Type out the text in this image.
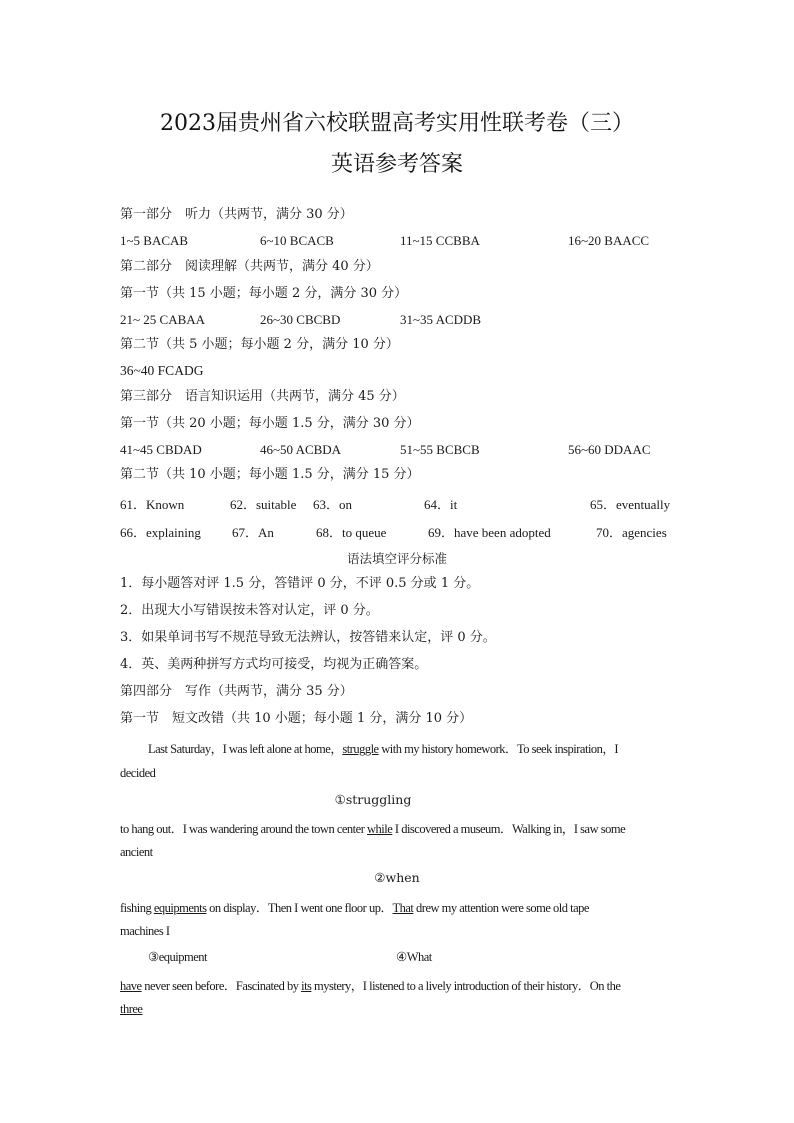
2023届贵州省六校联盟高考实用性联考卷（三）
英语参考答案
第一部分　听力（共两节，满分 30 分）
1~5 BACAB	6~10 BCACB	11~15 CCBBA	16~20 BAACC
第二部分　阅读理解（共两节，满分 40 分）
第一节（共 15 小题；每小题 2 分，满分 30 分）
21~ 25 CABAA	26~30 CBCBD	31~35 ACDDB
第二节（共 5 小题；每小题 2 分，满分 10 分）
36~40 FCADG
第三部分　语言知识运用（共两节，满分 45 分）
第一节（共 20 小题；每小题 1.5 分，满分 30 分）
41~45 CBDAD	46~50 ACBDA	51~55 BCBCB	56~60 DDAAC
第二节（共 10 小题；每小题 1.5 分，满分 15 分）
61．Known	62．suitable 63．on	64．it	65．eventually
66．explaining 67．An	68．to queue	69．have been adopted	70．agencies
语法填空评分标准
1．每小题答对评 1.5 分，答错评 0 分，不评 0.5 分或 1 分。
2．出现大小写错误按未答对认定，评 0 分。
3．如果单词书写不规范导致无法辨认，按答错来认定，评 0 分。
4．英、美两种拼写方式均可接受，均视为正确答案。
第四部分　写作（共两节，满分 35 分）
第一节　短文改错（共 10 小题；每小题 1 分，满分 10 分）
Last Saturday，I was left alone at home，struggle with my history homework．To seek inspiration，I
decided
①struggling
to hang out．I was wandering around the town center while I discovered a museum．Walking in，I saw some
ancient
②when
fishing equipments on display．Then I went one floor up．That drew my attention were some old tape
machines I
③equipment	④What
have never seen before．Fascinated by its mystery，I listened to a lively introduction of their history．On the
three
